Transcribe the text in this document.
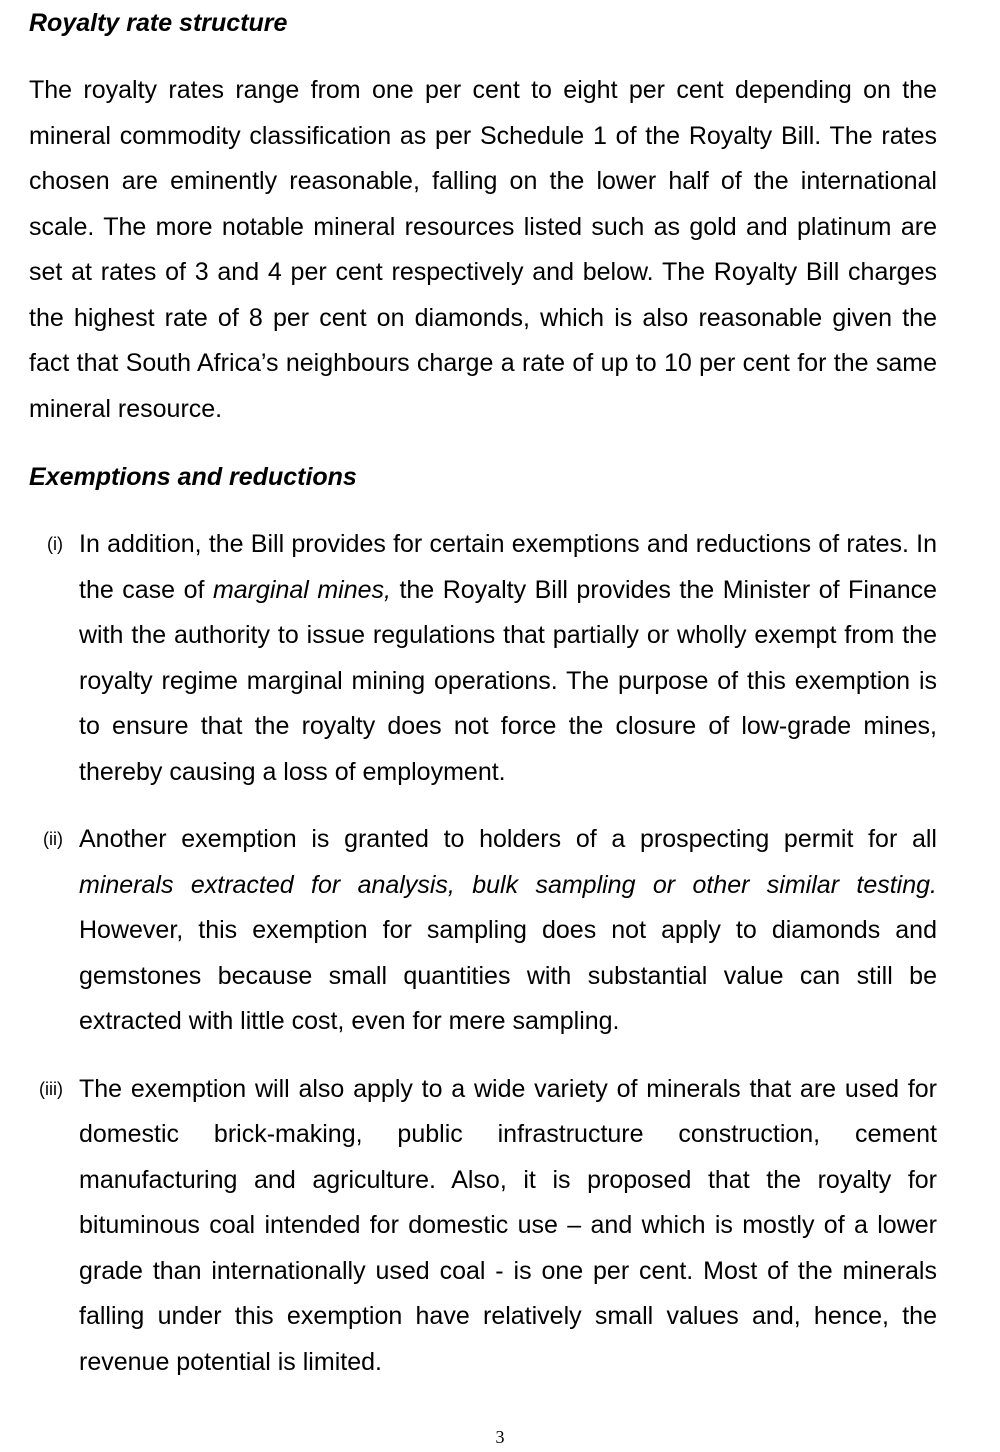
Royalty rate structure

The royalty rates range from one per cent to eight per cent depending on the mineral commodity classification as per Schedule 1 of the Royalty Bill. The rates chosen are eminently reasonable, falling on the lower half of the international scale. The more notable mineral resources listed such as gold and platinum are set at rates of 3 and 4 per cent respectively and below. The Royalty Bill charges the highest rate of 8 per cent on diamonds, which is also reasonable given the fact that South Africa’s neighbours charge a rate of up to 10 per cent for the same mineral resource.

Exemptions and reductions
(i) In addition, the Bill provides for certain exemptions and reductions of rates. In the case of marginal mines, the Royalty Bill provides the Minister of Finance with the authority to issue regulations that partially or wholly exempt from the royalty regime marginal mining operations. The purpose of this exemption is to ensure that the royalty does not force the closure of low-grade mines, thereby causing a loss of employment.

(ii) Another exemption is granted to holders of a prospecting permit for all minerals extracted for analysis, bulk sampling or other similar testing. However, this exemption for sampling does not apply to diamonds and gemstones because small quantities with substantial value can still be extracted with little cost, even for mere sampling.

(iii) The exemption will also apply to a wide variety of minerals that are used for domestic brick-making, public infrastructure construction, cement manufacturing and agriculture. Also, it is proposed that the royalty for bituminous coal intended for domestic use – and which is mostly of a lower grade than internationally used coal - is one per cent. Most of the minerals falling under this exemption have relatively small values and, hence, the revenue potential is limited.

3
